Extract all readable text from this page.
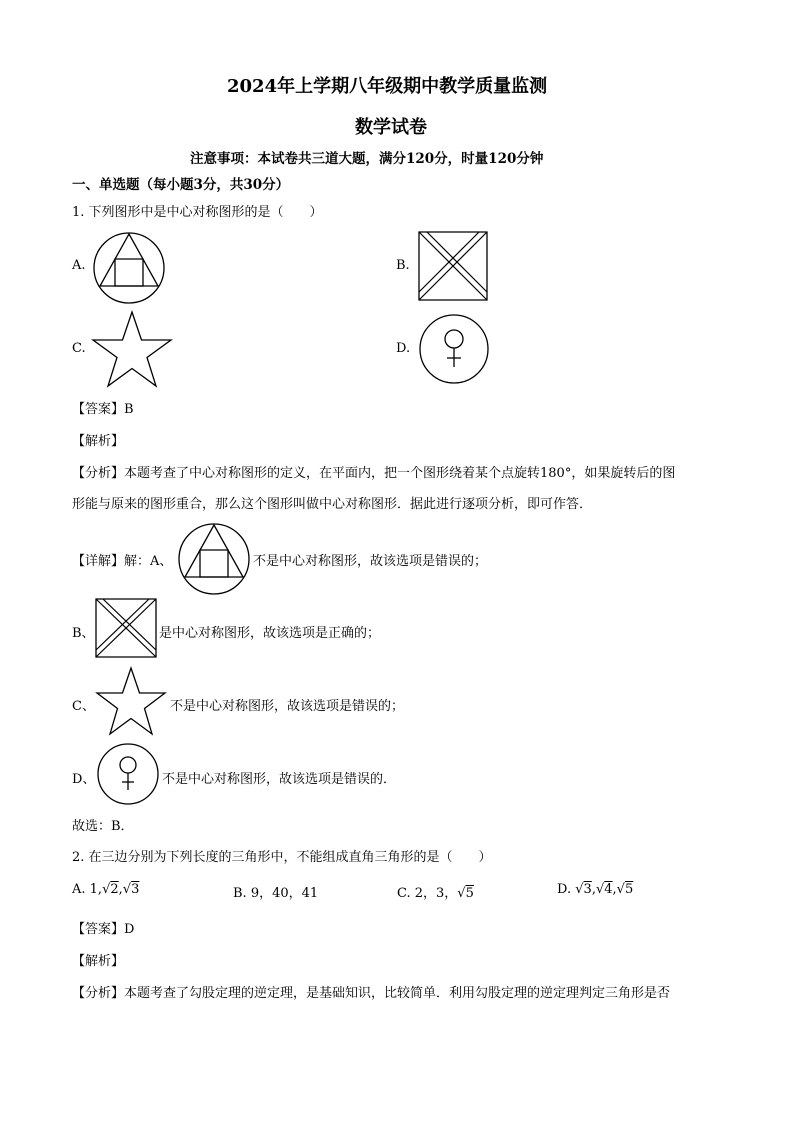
2024年上学期八年级期中教学质量监测
数学试卷
注意事项：本试卷共三道大题，满分120分，时量120分钟
一、单选题（每小题3分，共30分）
1. 下列图形中是中心对称图形的是（　　）
A.	B.
C.	D.
【答案】B
【解析】
【分析】本题考查了中心对称图形的定义，在平面内，把一个图形绕着某个点旋转180°，如果旋转后的图
形能与原来的图形重合，那么这个图形叫做中心对称图形．据此进行逐项分析，即可作答．
【详解】解：A、	不是中心对称图形，故该选项是错误的；
B、	是中心对称图形，故该选项是正确的；
C、	不是中心对称图形，故该选项是错误的；
D、	不是中心对称图形，故该选项是错误的．
故选：B．
2. 在三边分别为下列长度的三角形中，不能组成直角三角形的是（　　）
A. 1,√2,√3	B. 9，40，41	C. 2，3，√5	D. √3,√4,√5
【答案】D
【解析】
【分析】本题考查了勾股定理的逆定理，是基础知识，比较简单．利用勾股定理的逆定理判定三角形是否
